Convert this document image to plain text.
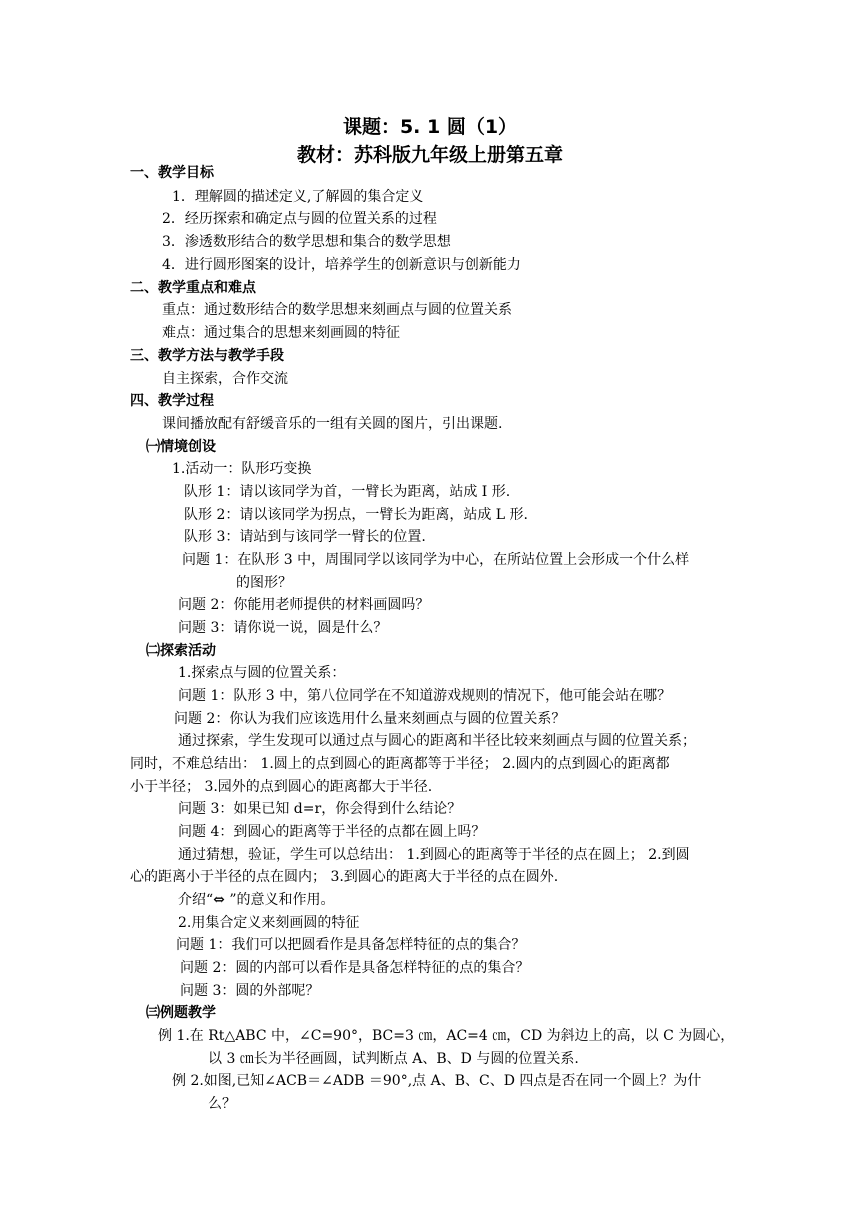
课题：5. 1 圆（1）
教材：苏科版九年级上册第五章
一、教学目标
1．理解圆的描述定义,了解圆的集合定义
2．经历探索和确定点与圆的位置关系的过程
3．渗透数形结合的数学思想和集合的数学思想
4．进行圆形图案的设计，培养学生的创新意识与创新能力
二、教学重点和难点
重点：通过数形结合的数学思想来刻画点与圆的位置关系
难点：通过集合的思想来刻画圆的特征
三、教学方法与教学手段
自主探索，合作交流
四、教学过程
课间播放配有舒缓音乐的一组有关圆的图片，引出课题.
㈠情境创设
1.活动一：队形巧变换
队形 1：请以该同学为首，一臂长为距离，站成 I 形.
队形 2：请以该同学为拐点，一臂长为距离，站成 L 形.
队形 3：请站到与该同学一臂长的位置.
问题 1：在队形 3 中，周围同学以该同学为中心，在所站位置上会形成一个什么样
的图形？
问题 2：你能用老师提供的材料画圆吗？
问题 3：请你说一说，圆是什么？
㈡探索活动
1.探索点与圆的位置关系：
问题 1：队形 3 中，第八位同学在不知道游戏规则的情况下，他可能会站在哪？
问题 2：你认为我们应该选用什么量来刻画点与圆的位置关系？
通过探索，学生发现可以通过点与圆心的距离和半径比较来刻画点与圆的位置关系；
同时，不难总结出： 1.圆上的点到圆心的距离都等于半径； 2.圆内的点到圆心的距离都
小于半径； 3.园外的点到圆心的距离都大于半径.
问题 3：如果已知 d=r，你会得到什么结论？
问题 4：到圆心的距离等于半径的点都在圆上吗？
通过猜想，验证，学生可以总结出： 1.到圆心的距离等于半径的点在圆上； 2.到圆
心的距离小于半径的点在圆内； 3.到圆心的距离大于半径的点在圆外.
介绍“⇔ ”的意义和作用。
2.用集合定义来刻画圆的特征
问题 1：我们可以把圆看作是具备怎样特征的点的集合？
问题 2：圆的内部可以看作是具备怎样特征的点的集合？
问题 3：圆的外部呢？
㈢例题教学
例 1.在 Rt△ABC 中，∠C=90°，BC=3 ㎝，AC=4 ㎝，CD 为斜边上的高，以 C 为圆心，
以 3 ㎝长为半径画圆，试判断点 A、B、D 与圆的位置关系.
例 2.如图,已知∠ACB＝∠ADB ＝90°,点 A、B、C、D 四点是否在同一个圆上？为什
么？
